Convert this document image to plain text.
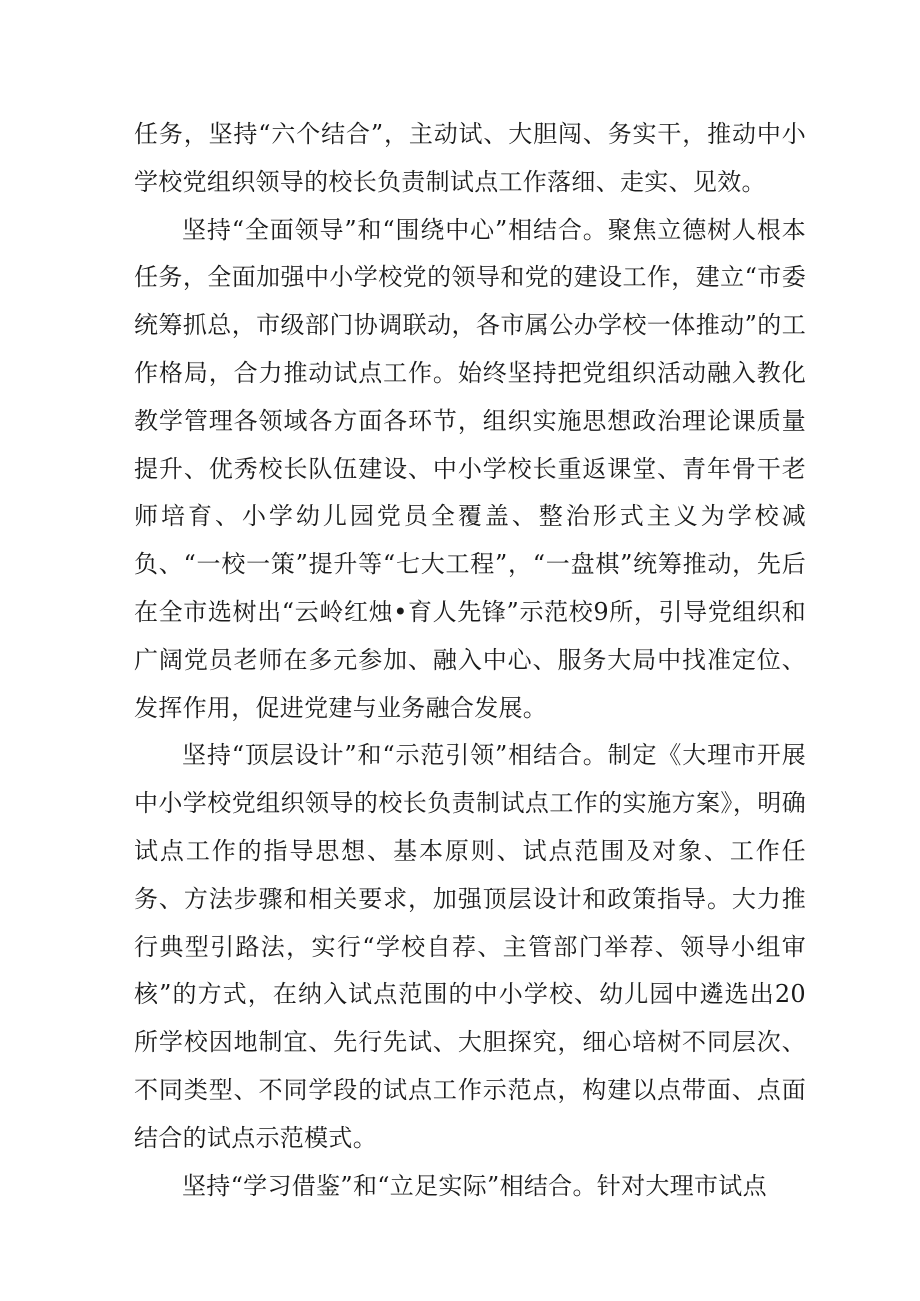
任务，坚持“六个结合”，主动试、大胆闯、务实干，推动中小学校党组织领导的校长负责制试点工作落细、走实、见效。

坚持“全面领导”和“围绕中心”相结合。聚焦立德树人根本任务，全面加强中小学校党的领导和党的建设工作，建立“市委统筹抓总，市级部门协调联动，各市属公办学校一体推动”的工作格局，合力推动试点工作。始终坚持把党组织活动融入教化教学管理各领域各方面各环节，组织实施思想政治理论课质量提升、优秀校长队伍建设、中小学校长重返课堂、青年骨干老师培育、小学幼儿园党员全覆盖、整治形式主义为学校减负、“一校一策”提升等“七大工程”，“一盘棋”统筹推动，先后在全市选树出“云岭红烛•育人先锋”示范校9所，引导党组织和广阔党员老师在多元参加、融入中心、服务大局中找准定位、发挥作用，促进党建与业务融合发展。

坚持“顶层设计”和“示范引领”相结合。制定《大理市开展中小学校党组织领导的校长负责制试点工作的实施方案》，明确试点工作的指导思想、基本原则、试点范围及对象、工作任务、方法步骤和相关要求，加强顶层设计和政策指导。大力推行典型引路法，实行“学校自荐、主管部门举荐、领导小组审核”的方式，在纳入试点范围的中小学校、幼儿园中遴选出20所学校因地制宜、先行先试、大胆探究，细心培树不同层次、不同类型、不同学段的试点工作示范点，构建以点带面、点面结合的试点示范模式。

坚持“学习借鉴”和“立足实际”相结合。针对大理市试点
